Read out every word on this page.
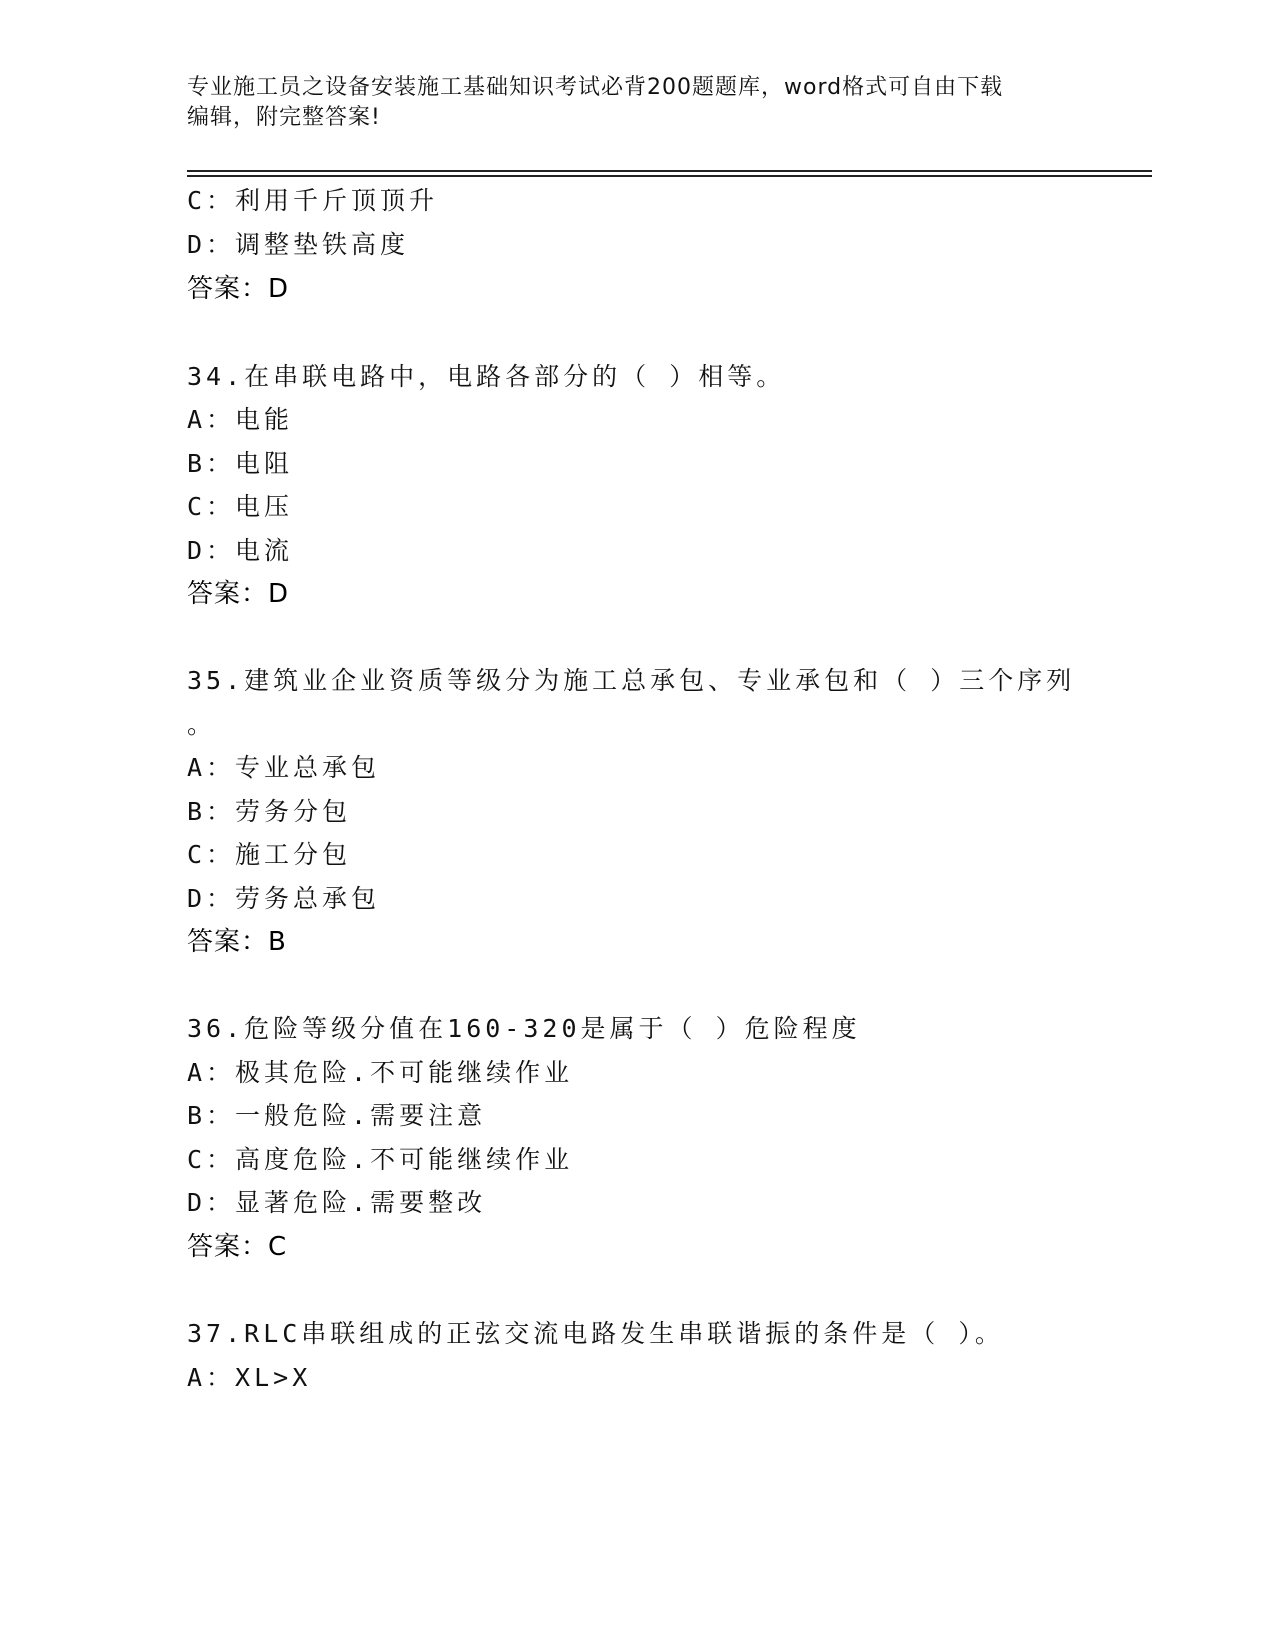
专业施工员之设备安装施工基础知识考试必背200题题库，word格式可自由下载
编辑，附完整答案!
C：利用千斤顶顶升
D：调整垫铁高度
答案：D
34.在串联电路中，电路各部分的（ ）相等。
A：电能
B：电阻
C：电压
D：电流
答案：D
35.建筑业企业资质等级分为施工总承包、专业承包和（ ）三个序列
。
A：专业总承包
B：劳务分包
C：施工分包
D：劳务总承包
答案：B
36.危险等级分值在160-320是属于（ ）危险程度
A：极其危险.不可能继续作业
B：一般危险.需要注意
C：高度危险.不可能继续作业
D：显著危险.需要整改
答案：C
37.RLC串联组成的正弦交流电路发生串联谐振的条件是（ ）。
A：XL>X
